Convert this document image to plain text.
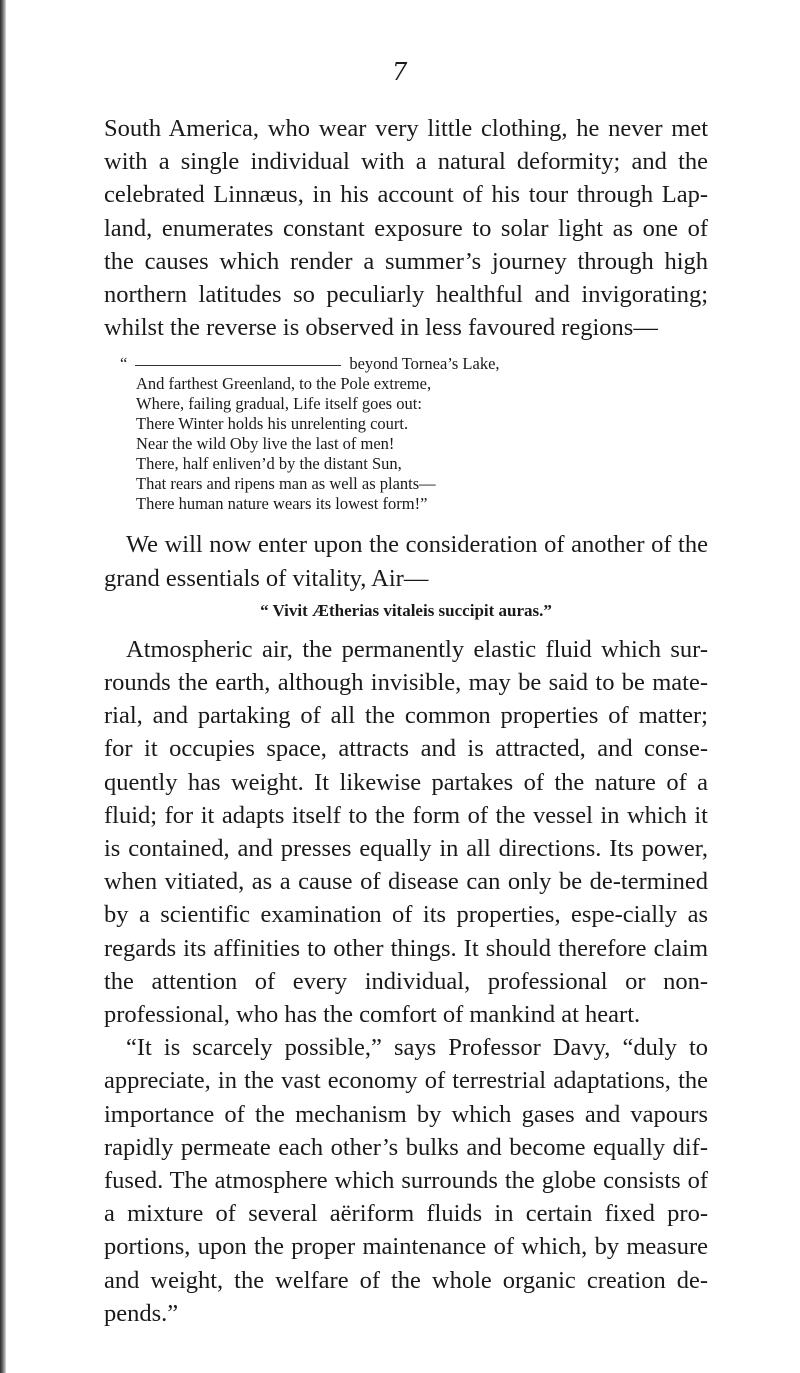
7

South America, who wear very little clothing, he never met with a single individual with a natural deformity; and the celebrated Linnæus, in his account of his tour through Lap-land, enumerates constant exposure to solar light as one of the causes which render a summer’s journey through high northern latitudes so peculiarly healthful and invigorating; whilst the reverse is observed in less favoured regions—

“	beyond Tornea’s Lake,
And farthest Greenland, to the Pole extreme,
Where, failing gradual, Life itself goes out:
There Winter holds his unrelenting court.
Near the wild Oby live the last of men!
There, half enliven’d by the distant Sun,
That rears and ripens man as well as plants—
There human nature wears its lowest form!”

We will now enter upon the consideration of another of the grand essentials of vitality, Air—

“ Vivit Ætherias vitaleis succipit auras.”

Atmospheric air, the permanently elastic fluid which sur-rounds the earth, although invisible, may be said to be mate-rial, and partaking of all the common properties of matter; for it occupies space, attracts and is attracted, and conse-quently has weight. It likewise partakes of the nature of a fluid; for it adapts itself to the form of the vessel in which it is contained, and presses equally in all directions. Its power, when vitiated, as a cause of disease can only be de-termined by a scientific examination of its properties, espe-cially as regards its affinities to other things. It should therefore claim the attention of every individual, professional or non-professional, who has the comfort of mankind at heart.

“It is scarcely possible,” says Professor Davy, “duly to appreciate, in the vast economy of terrestrial adaptations, the importance of the mechanism by which gases and vapours rapidly permeate each other’s bulks and become equally dif-fused. The atmosphere which surrounds the globe consists of a mixture of several aëriform fluids in certain fixed pro-portions, upon the proper maintenance of which, by measure and weight, the welfare of the whole organic creation de-pends.”
